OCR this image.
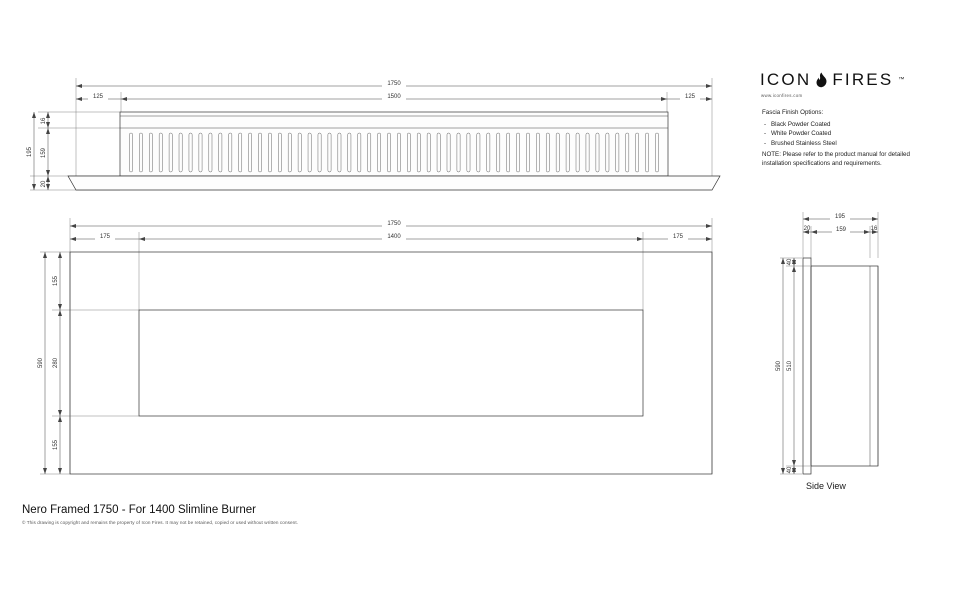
1750
1500
125	125
16
159
20
195
1750
1400
175	175
155
280
155
590
195
20	159	16
40
510
40
590
ICON FIRES ™
www.iconfires.com
Fascia Finish Options:
- Black Powder Coated
- White Powder Coated
- Brushed Stainless Steel
NOTE: Please refer to the product manual for detailed installation specifications and requirements.
Side View
Nero Framed 1750 - For 1400 Slimline Burner
© This drawing is copyright and remains the property of Icon Fires. It may not be retained, copied or used without written consent.
